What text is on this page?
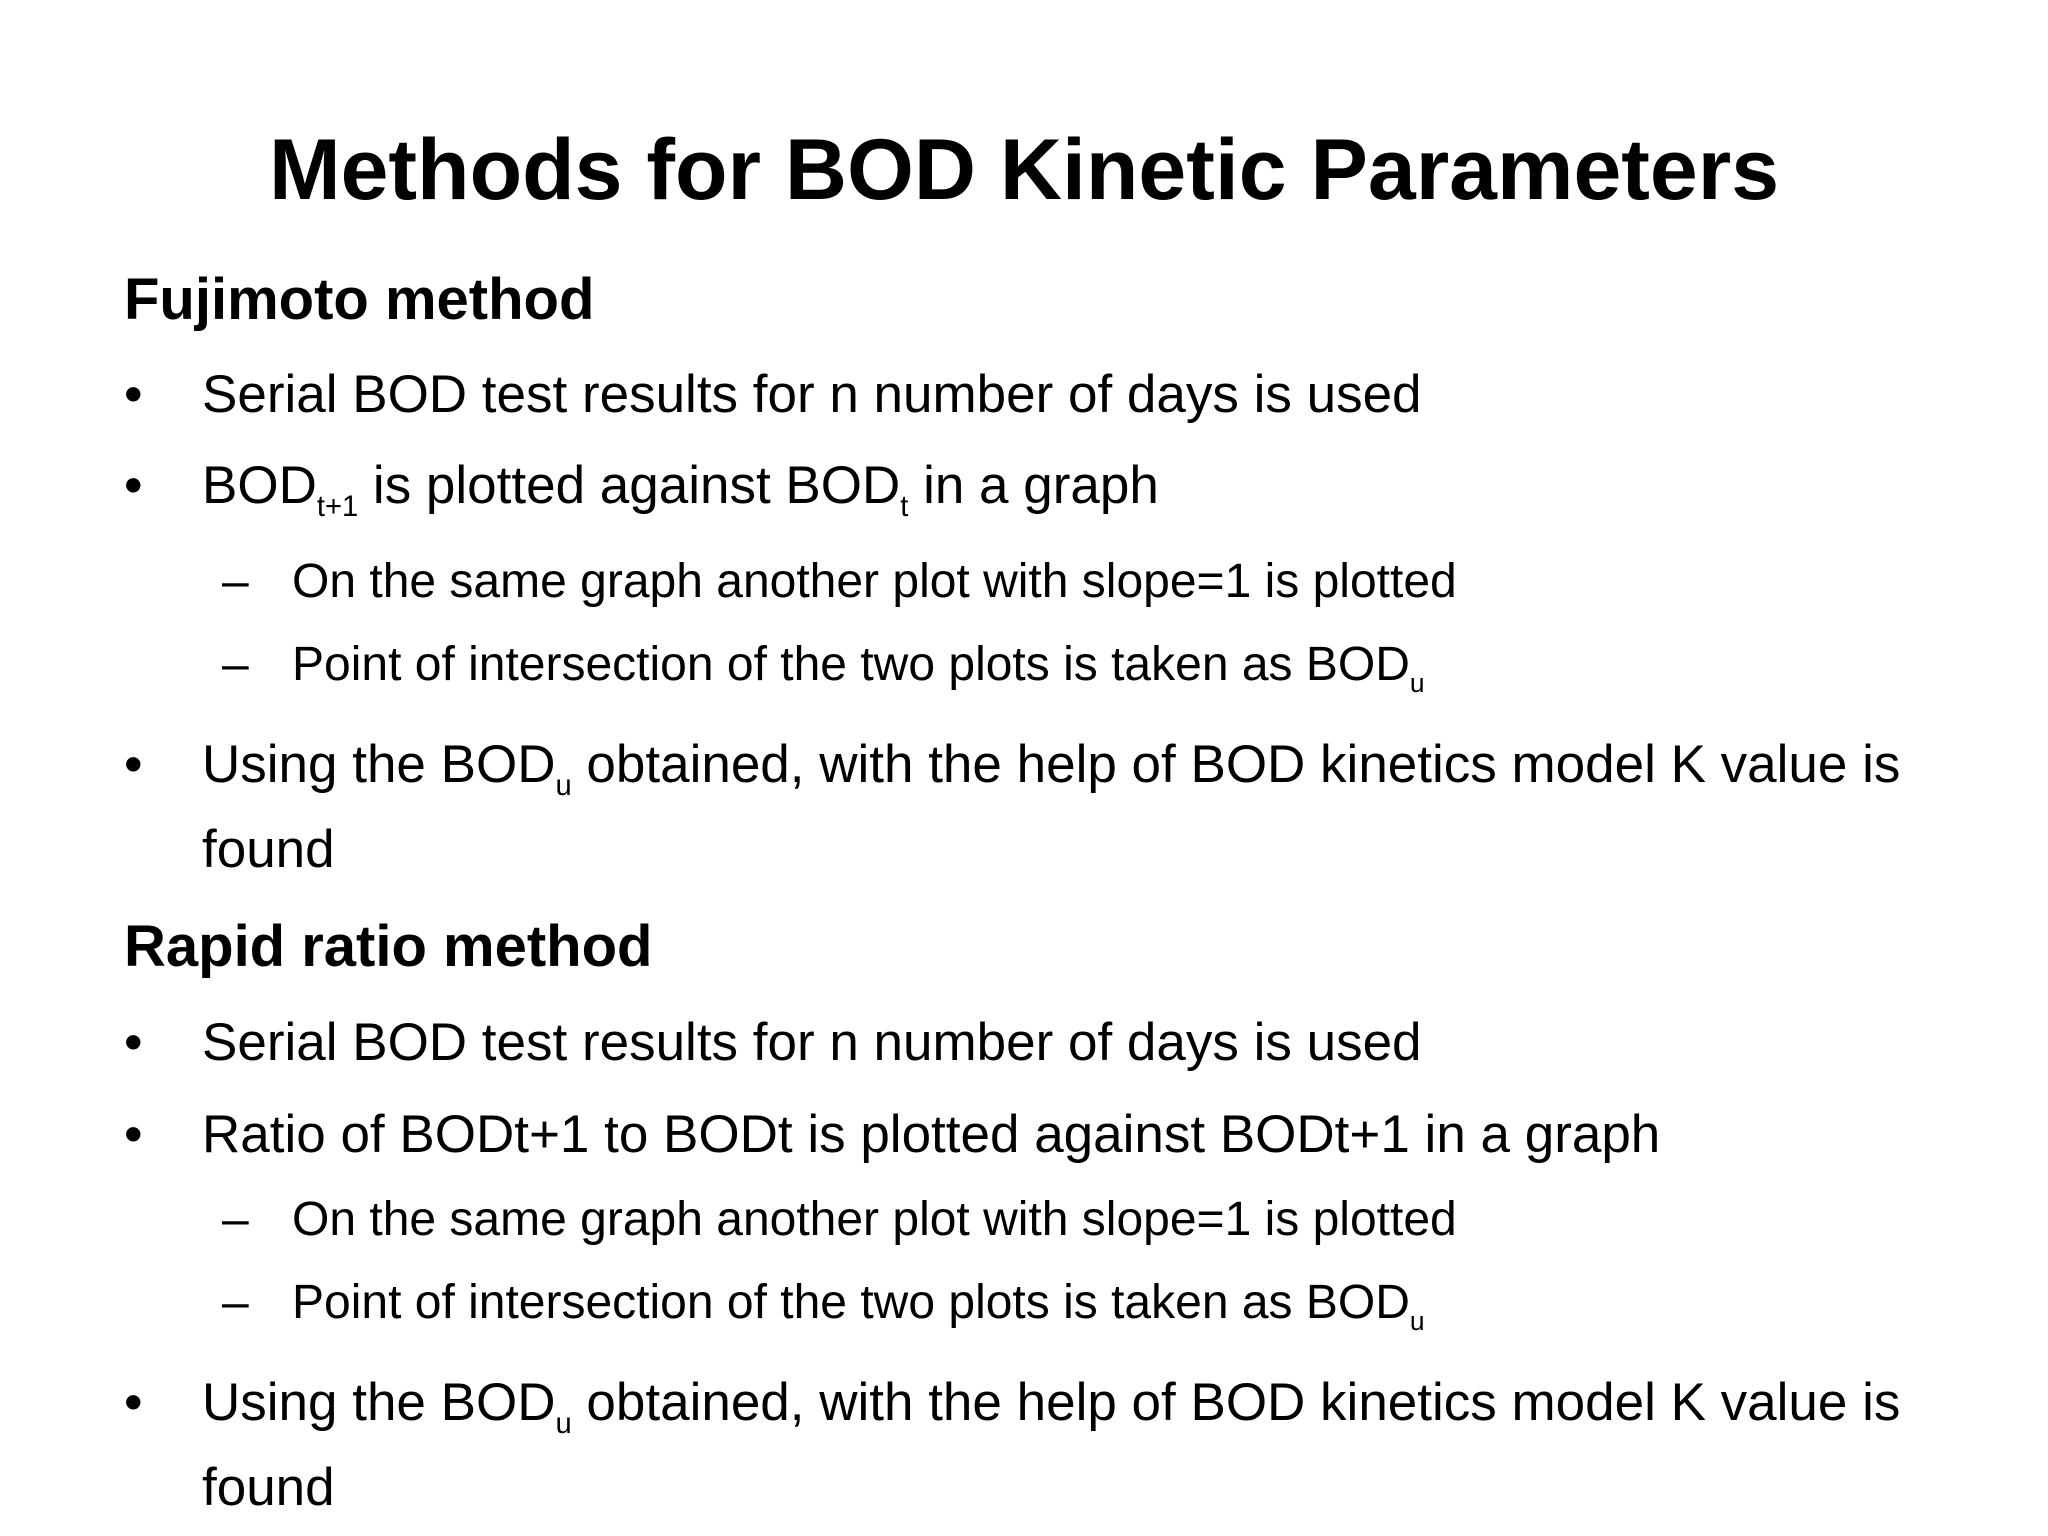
Methods for BOD Kinetic Parameters
Fujimoto method
•	Serial BOD test results for n number of days is used
•	$BOD_{t+1}$ is plotted against $BOD_t$ in a graph
– On the same graph another plot with slope=1 is plotted
– Point of intersection of the two plots is taken as $BOD_u$
•	Using the $BOD_u$ obtained, with the help of BOD kinetics model K value is found
Rapid ratio method
•	Serial BOD test results for n number of days is used
•	Ratio of BODt+1 to BODt is plotted against BODt+1 in a graph
– On the same graph another plot with slope=1 is plotted
– Point of intersection of the two plots is taken as $BOD_u$
•	Using the $BOD_u$ obtained, with the help of BOD kinetics model K value is found
